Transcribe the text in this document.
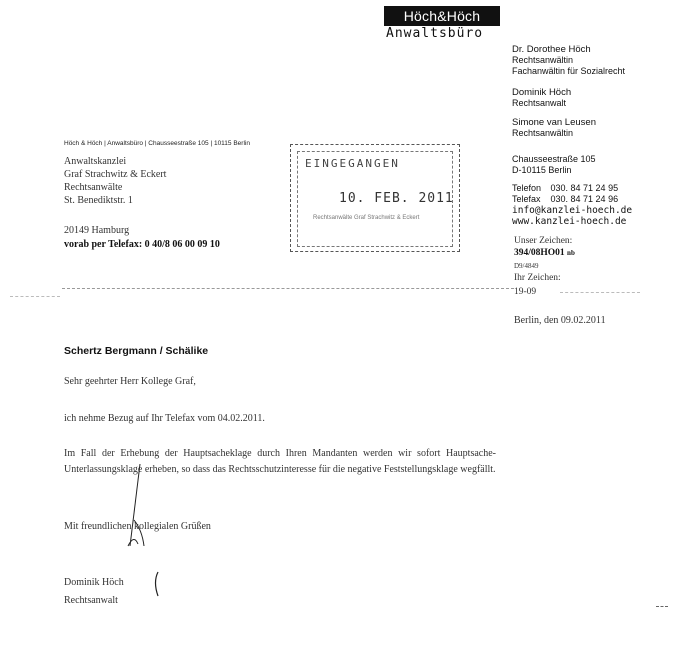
Höch&Höch
Anwaltsbüro
Dr. Dorothee Höch
Rechtsanwältin
Fachanwältin für Sozialrecht
Dominik Höch
Rechtsanwalt
Simone van Leusen
Rechtsanwältin
Chausseestraße 105
D-10115 Berlin
Telefon 030. 84 71 24 95
Telefax 030. 84 71 24 96
info@kanzlei-hoech.de
www.kanzlei-hoech.de
Höch & Höch | Anwaltsbüro | Chausseestraße 105 | 10115 Berlin
Anwaltskanzlei
Graf Strachwitz & Eckert
Rechtsanwälte
St. Benediktstr. 1
20149 Hamburg
vorab per Telefax: 0 40/8 06 00 09 10
EINGEGANGEN
10. FEB. 2011
Rechtsanwälte Graf Strachwitz & Eckert
Unser Zeichen:
394/08HO01 nb
D9/4849
Ihr Zeichen:
19-09
Berlin, den 09.02.2011
Schertz Bergmann / Schälike
Sehr geehrter Herr Kollege Graf,
ich nehme Bezug auf Ihr Telefax vom 04.02.2011.
Im Fall der Erhebung der Hauptsacheklage durch Ihren Mandanten werden wir sofort Hauptsache-Unterlassungsklage erheben, so dass das Rechtsschutzinteresse für die negative Feststellungsklage wegfällt.
Mit freundlichen kollegialen Grüßen
Dominik Höch
Rechtsanwalt
